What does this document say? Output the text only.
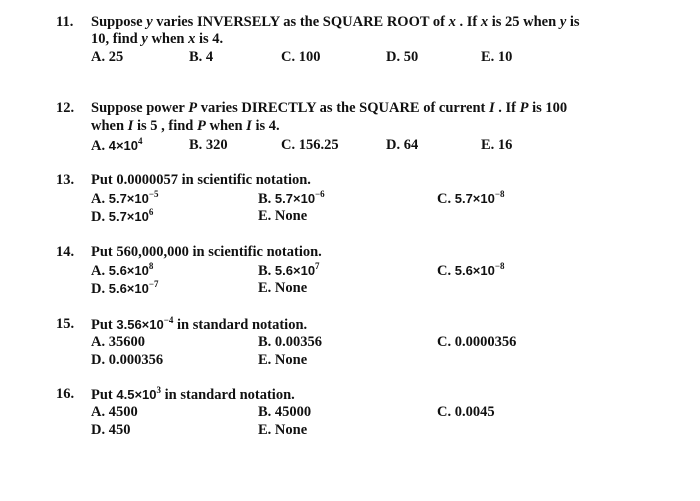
11. Suppose y varies INVERSELY as the SQUARE ROOT of x . If x is 25 when y is
10, find y when x is 4.
A. 25	B. 4	C. 100	D. 50	E. 10
12. Suppose power P varies DIRECTLY as the SQUARE of current I . If P is 100
when I is 5 , find P when I is 4.
A. $4\times 10^4$	B. 320	C. 156.25	D. 64	E. 16
13. Put 0.0000057 in scientific notation.
A. $5.7\times 10^{-5}$	B. $5.7\times 10^{-6}$	C. $5.7\times 10^{-8}$
D. $5.7\times 10^6$	E. None
14. Put 560,000,000 in scientific notation.
A. $5.6\times 10^8$	B. $5.6\times 10^7$	C. $5.6\times 10^{-8}$
D. $5.6\times 10^{-7}$	E. None
15. Put $3.56\times 10^{-4}$ in standard notation.
A. 35600	B. 0.00356	C. 0.0000356
D. 0.000356	E. None
16. Put $4.5\times 10^3$ in standard notation.
A. 4500	B. 45000	C. 0.0045
D. 450	E. None
